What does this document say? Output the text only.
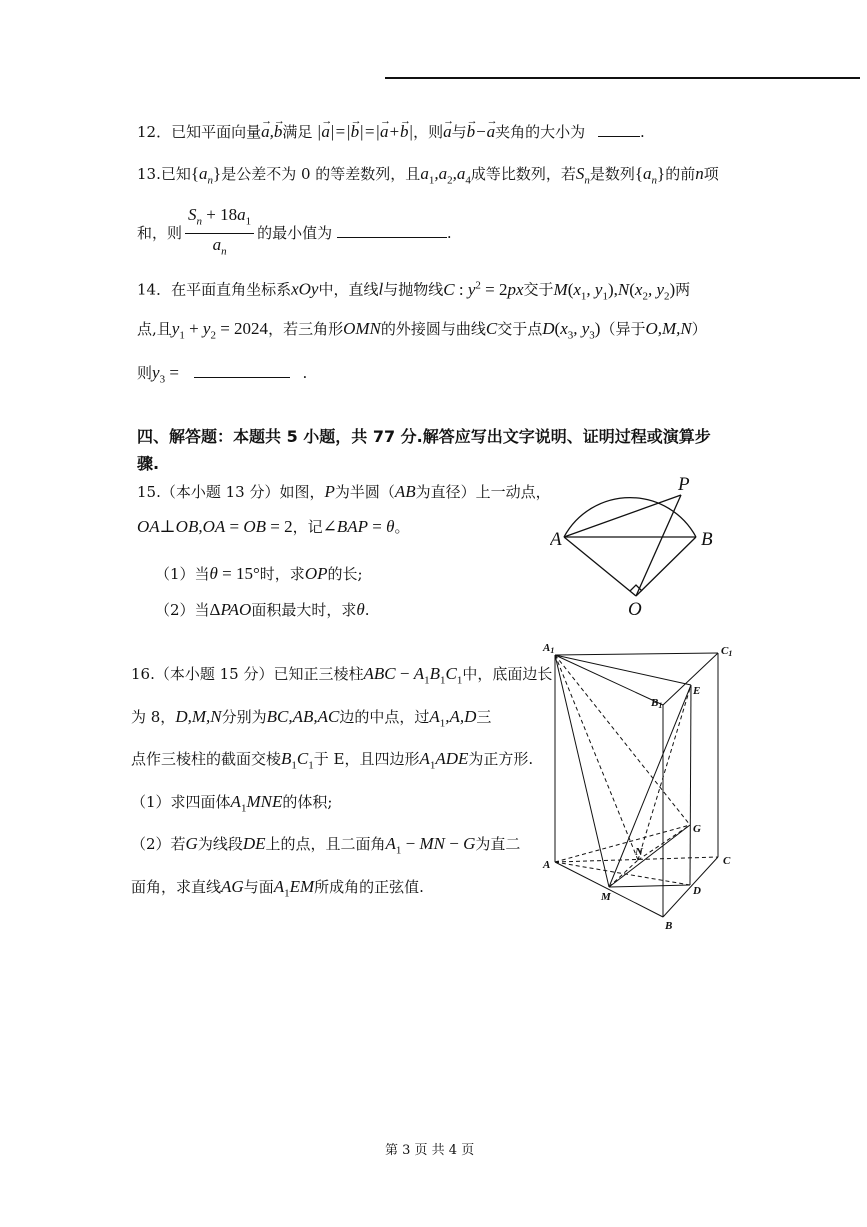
12．已知平面向量→ a,→ b满足 |→ a|=|→ b|=|→ a+→ b|，则→ a与→ b−→ a夹角的大小为	.
13.已知$\{a_n\}$是公差不为 0 的等差数列，且$a_1,a_2,a_4$成等比数列，若$S_n$是数列$\{a_n\}$的前n项
和，则 $\frac{S_n + 18a_1}{a_n}$ 的最小值为	.
14．在平面直角坐标系xOy中，直线l与抛物线C : $y^2 = 2px$交于$M(x_1$, $y_1),N(x_2$, $y_2$)两
点,且$y_1 + y_2 = 2024$，若三角形OMN的外接圆与曲线C交于点$D(x_3$, $y_3$)（异于O,M,N）
则$y_3$ =	.
四、解答题：本题共 5 小题，共 77 分.解答应写出文字说明、证明过程或演算步
骤.
15.（本小题 13 分）如图，P为半圆（AB为直径）上一动点，
OA⊥OB,OA = OB = 2，记∠BAP = θ。
（1）当θ = 15°时，求OP的长;
（2）当ΔPAO面积最大时，求θ.
P
A	B
O
16.（本小题 15 分）已知正三棱柱ABC − $A_1B_1C_1$中，底面边长
为 8，D,M,N分别为BC,AB,AC边的中点，过$A_1,A,D$三
点作三棱柱的截面交棱$B_1C_1$于 E，且四边形$A_1ADE$为正方形.
（1）求四面体$A_1MNE$的体积;
（2）若G为线段DE上的点，且二面角$A_1$ − MN − G为直二
面角，求直线AG与面$A_1EM$所成角的正弦值.
A1	C1
B1
E
G
N
A	C
D
M
B
第 3 页 共 4 页
